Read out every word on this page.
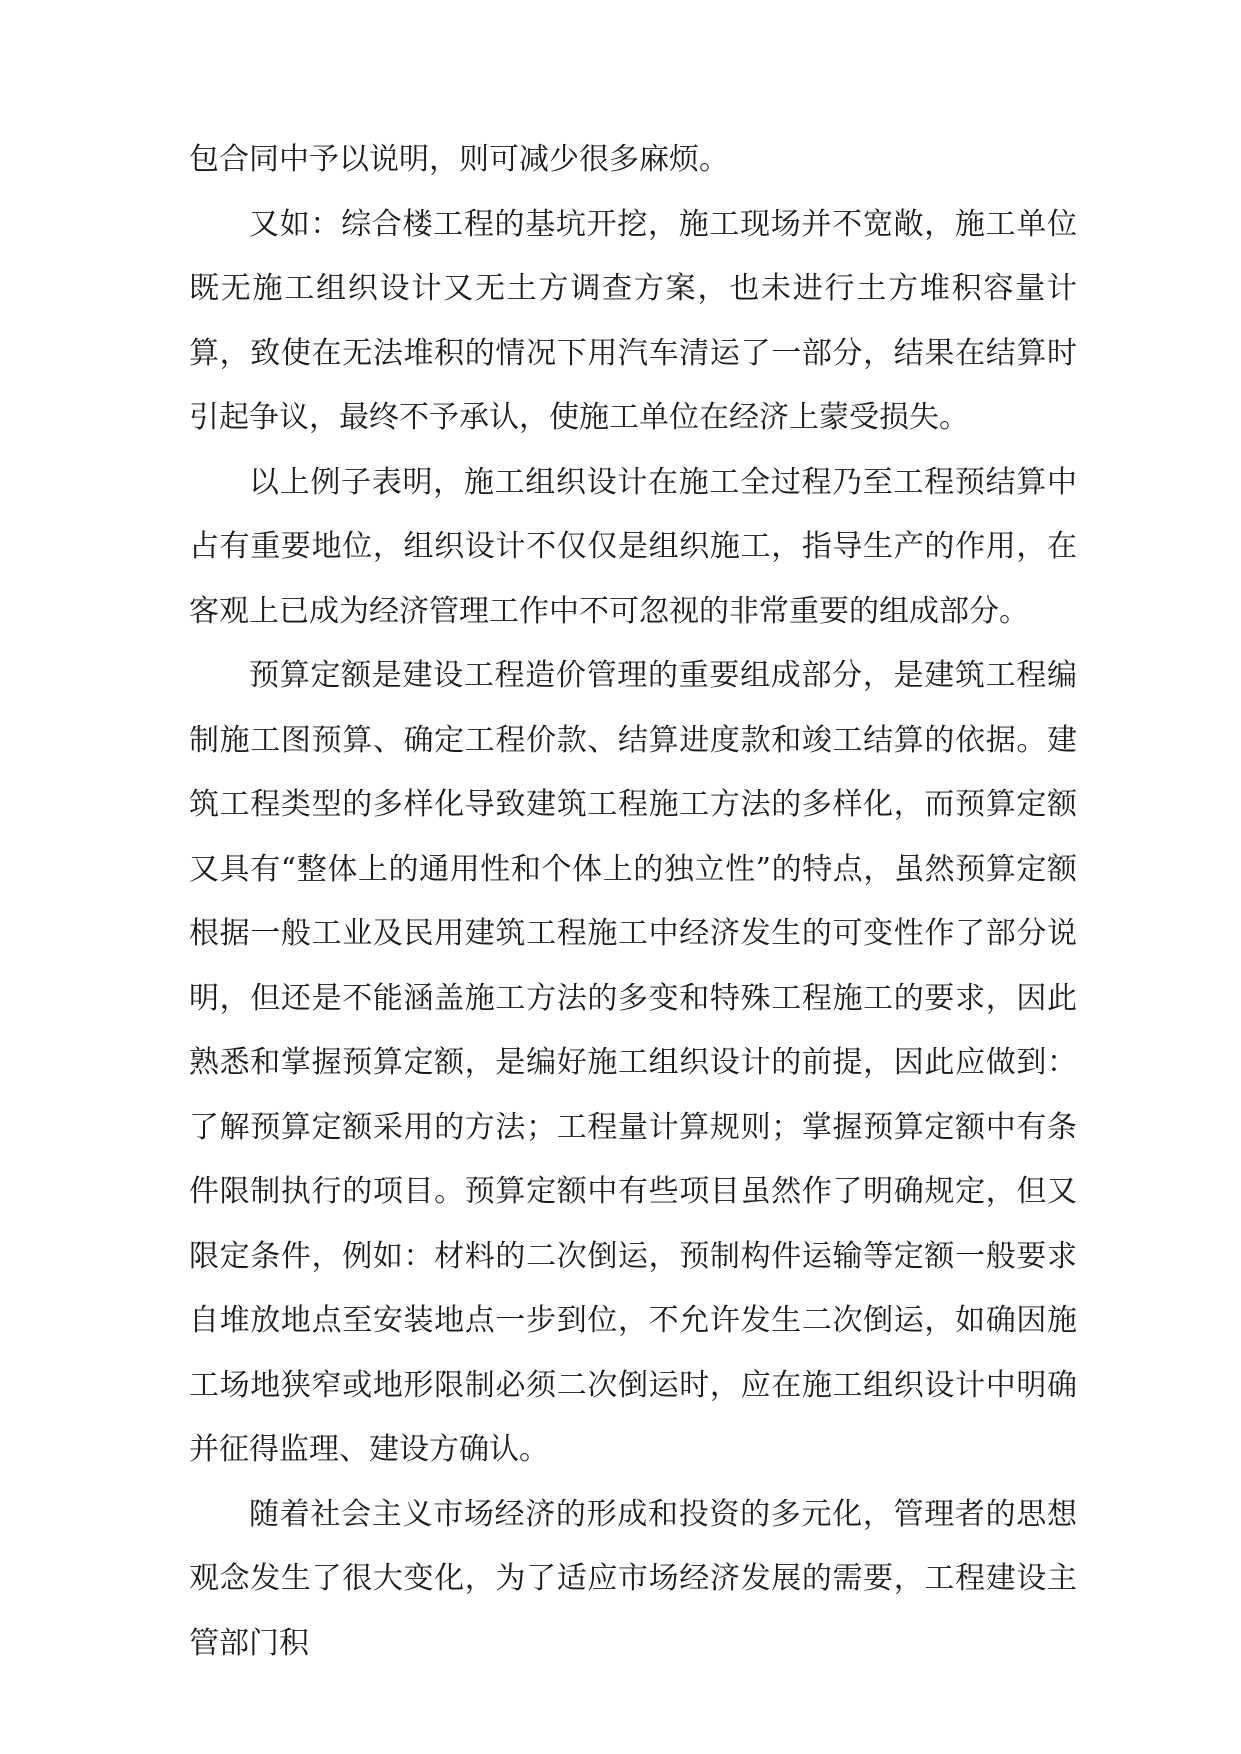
包合同中予以说明，则可减少很多麻烦。

又如：综合楼工程的基坑开挖，施工现场并不宽敞，施工单位既无施工组织设计又无土方调查方案，也未进行土方堆积容量计算，致使在无法堆积的情况下用汽车清运了一部分，结果在结算时引起争议，最终不予承认，使施工单位在经济上蒙受损失。

以上例子表明，施工组织设计在施工全过程乃至工程预结算中占有重要地位，组织设计不仅仅是组织施工，指导生产的作用，在客观上已成为经济管理工作中不可忽视的非常重要的组成部分。

预算定额是建设工程造价管理的重要组成部分，是建筑工程编制施工图预算、确定工程价款、结算进度款和竣工结算的依据。建筑工程类型的多样化导致建筑工程施工方法的多样化，而预算定额又具有“整体上的通用性和个体上的独立性”的特点，虽然预算定额根据一般工业及民用建筑工程施工中经济发生的可变性作了部分说明，但还是不能涵盖施工方法的多变和特殊工程施工的要求，因此熟悉和掌握预算定额，是编好施工组织设计的前提，因此应做到：了解预算定额采用的方法；工程量计算规则；掌握预算定额中有条件限制执行的项目。预算定额中有些项目虽然作了明确规定，但又限定条件，例如：材料的二次倒运，预制构件运输等定额一般要求自堆放地点至安装地点一步到位，不允许发生二次倒运，如确因施工场地狭窄或地形限制必须二次倒运时，应在施工组织设计中明确并征得监理、建设方确认。

随着社会主义市场经济的形成和投资的多元化，管理者的思想观念发生了很大变化，为了适应市场经济发展的需要，工程建设主管部门积
